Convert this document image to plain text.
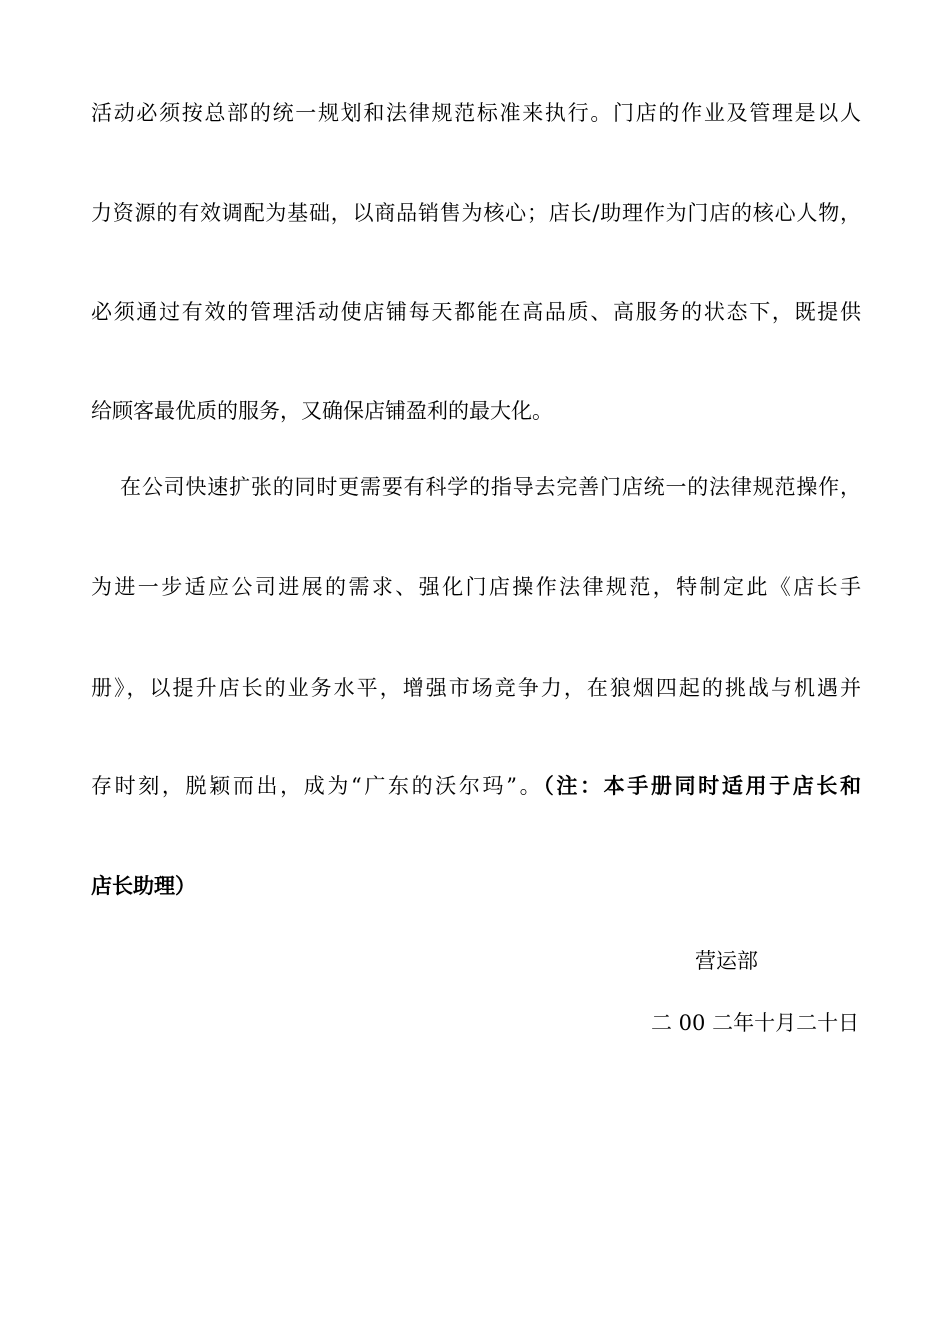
活动必须按总部的统一规划和法律规范标准来执行。门店的作业及管理是以人
力资源的有效调配为基础，以商品销售为核心；店长/助理作为门店的核心人物，
必须通过有效的管理活动使店铺每天都能在高品质、高服务的状态下，既提供
给顾客最优质的服务，又确保店铺盈利的最大化。
在公司快速扩张的同时更需要有科学的指导去完善门店统一的法律规范操作，
为进一步适应公司进展的需求、强化门店操作法律规范，特制定此《店长手
册》，以提升店长的业务水平，增强市场竞争力，在狼烟四起的挑战与机遇并
存时刻，脱颖而出，成为“广东的沃尔玛”。（注：本手册同时适用于店长和
店长助理）
营运部
二 00 二年十月二十日
